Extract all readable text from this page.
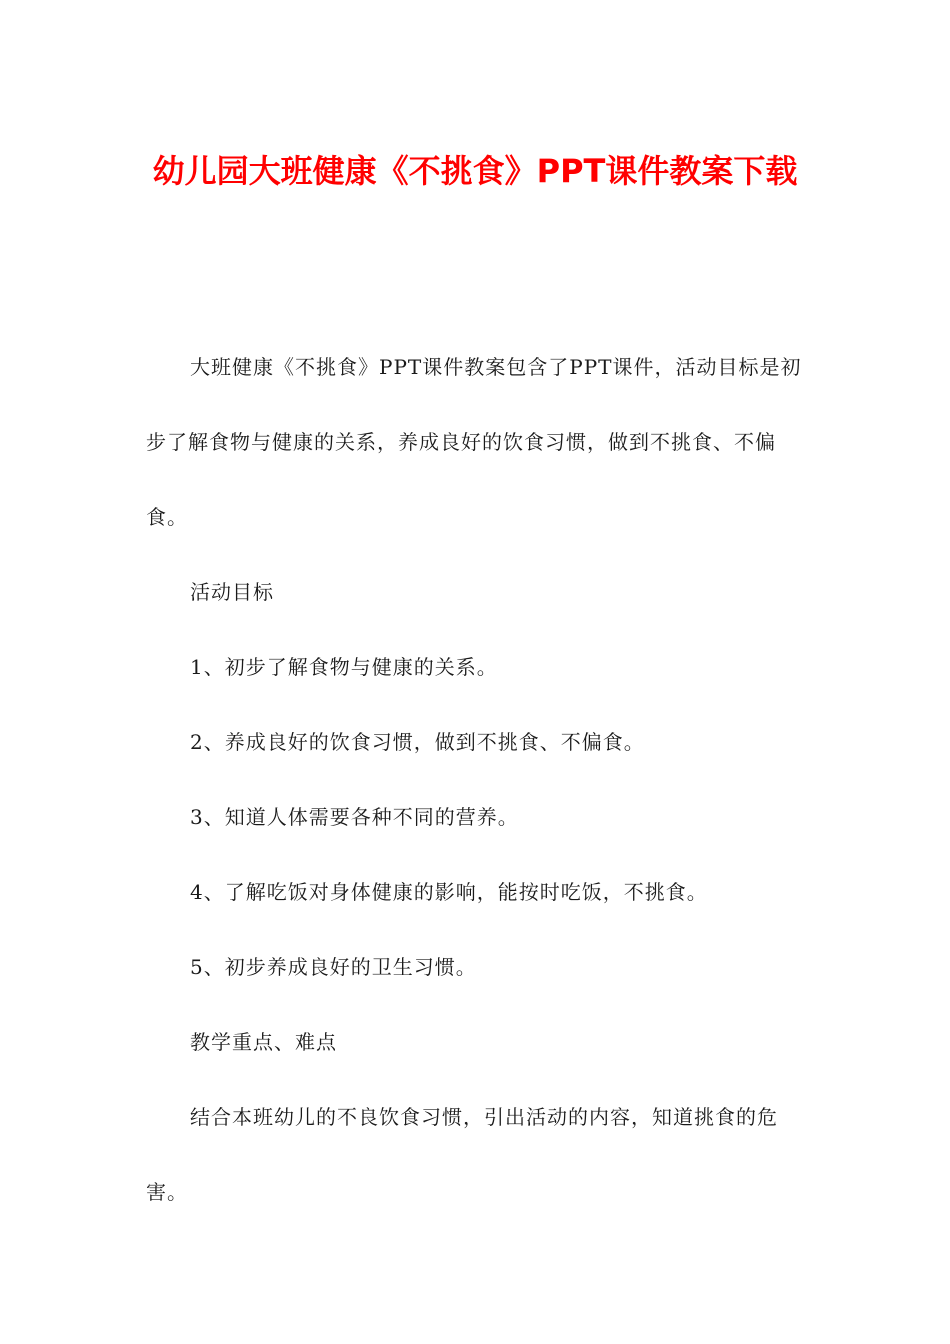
幼儿园大班健康《不挑食》PPT课件教案下载

大班健康《不挑食》PPT课件教案包含了PPT课件，活动目标是初步了解食物与健康的关系，养成良好的饮食习惯，做到不挑食、不偏食。

活动目标

1、初步了解食物与健康的关系。

2、养成良好的饮食习惯，做到不挑食、不偏食。

3、知道人体需要各种不同的营养。

4、了解吃饭对身体健康的影响，能按时吃饭，不挑食。

5、初步养成良好的卫生习惯。

教学重点、难点

结合本班幼儿的不良饮食习惯，引出活动的内容，知道挑食的危害。
